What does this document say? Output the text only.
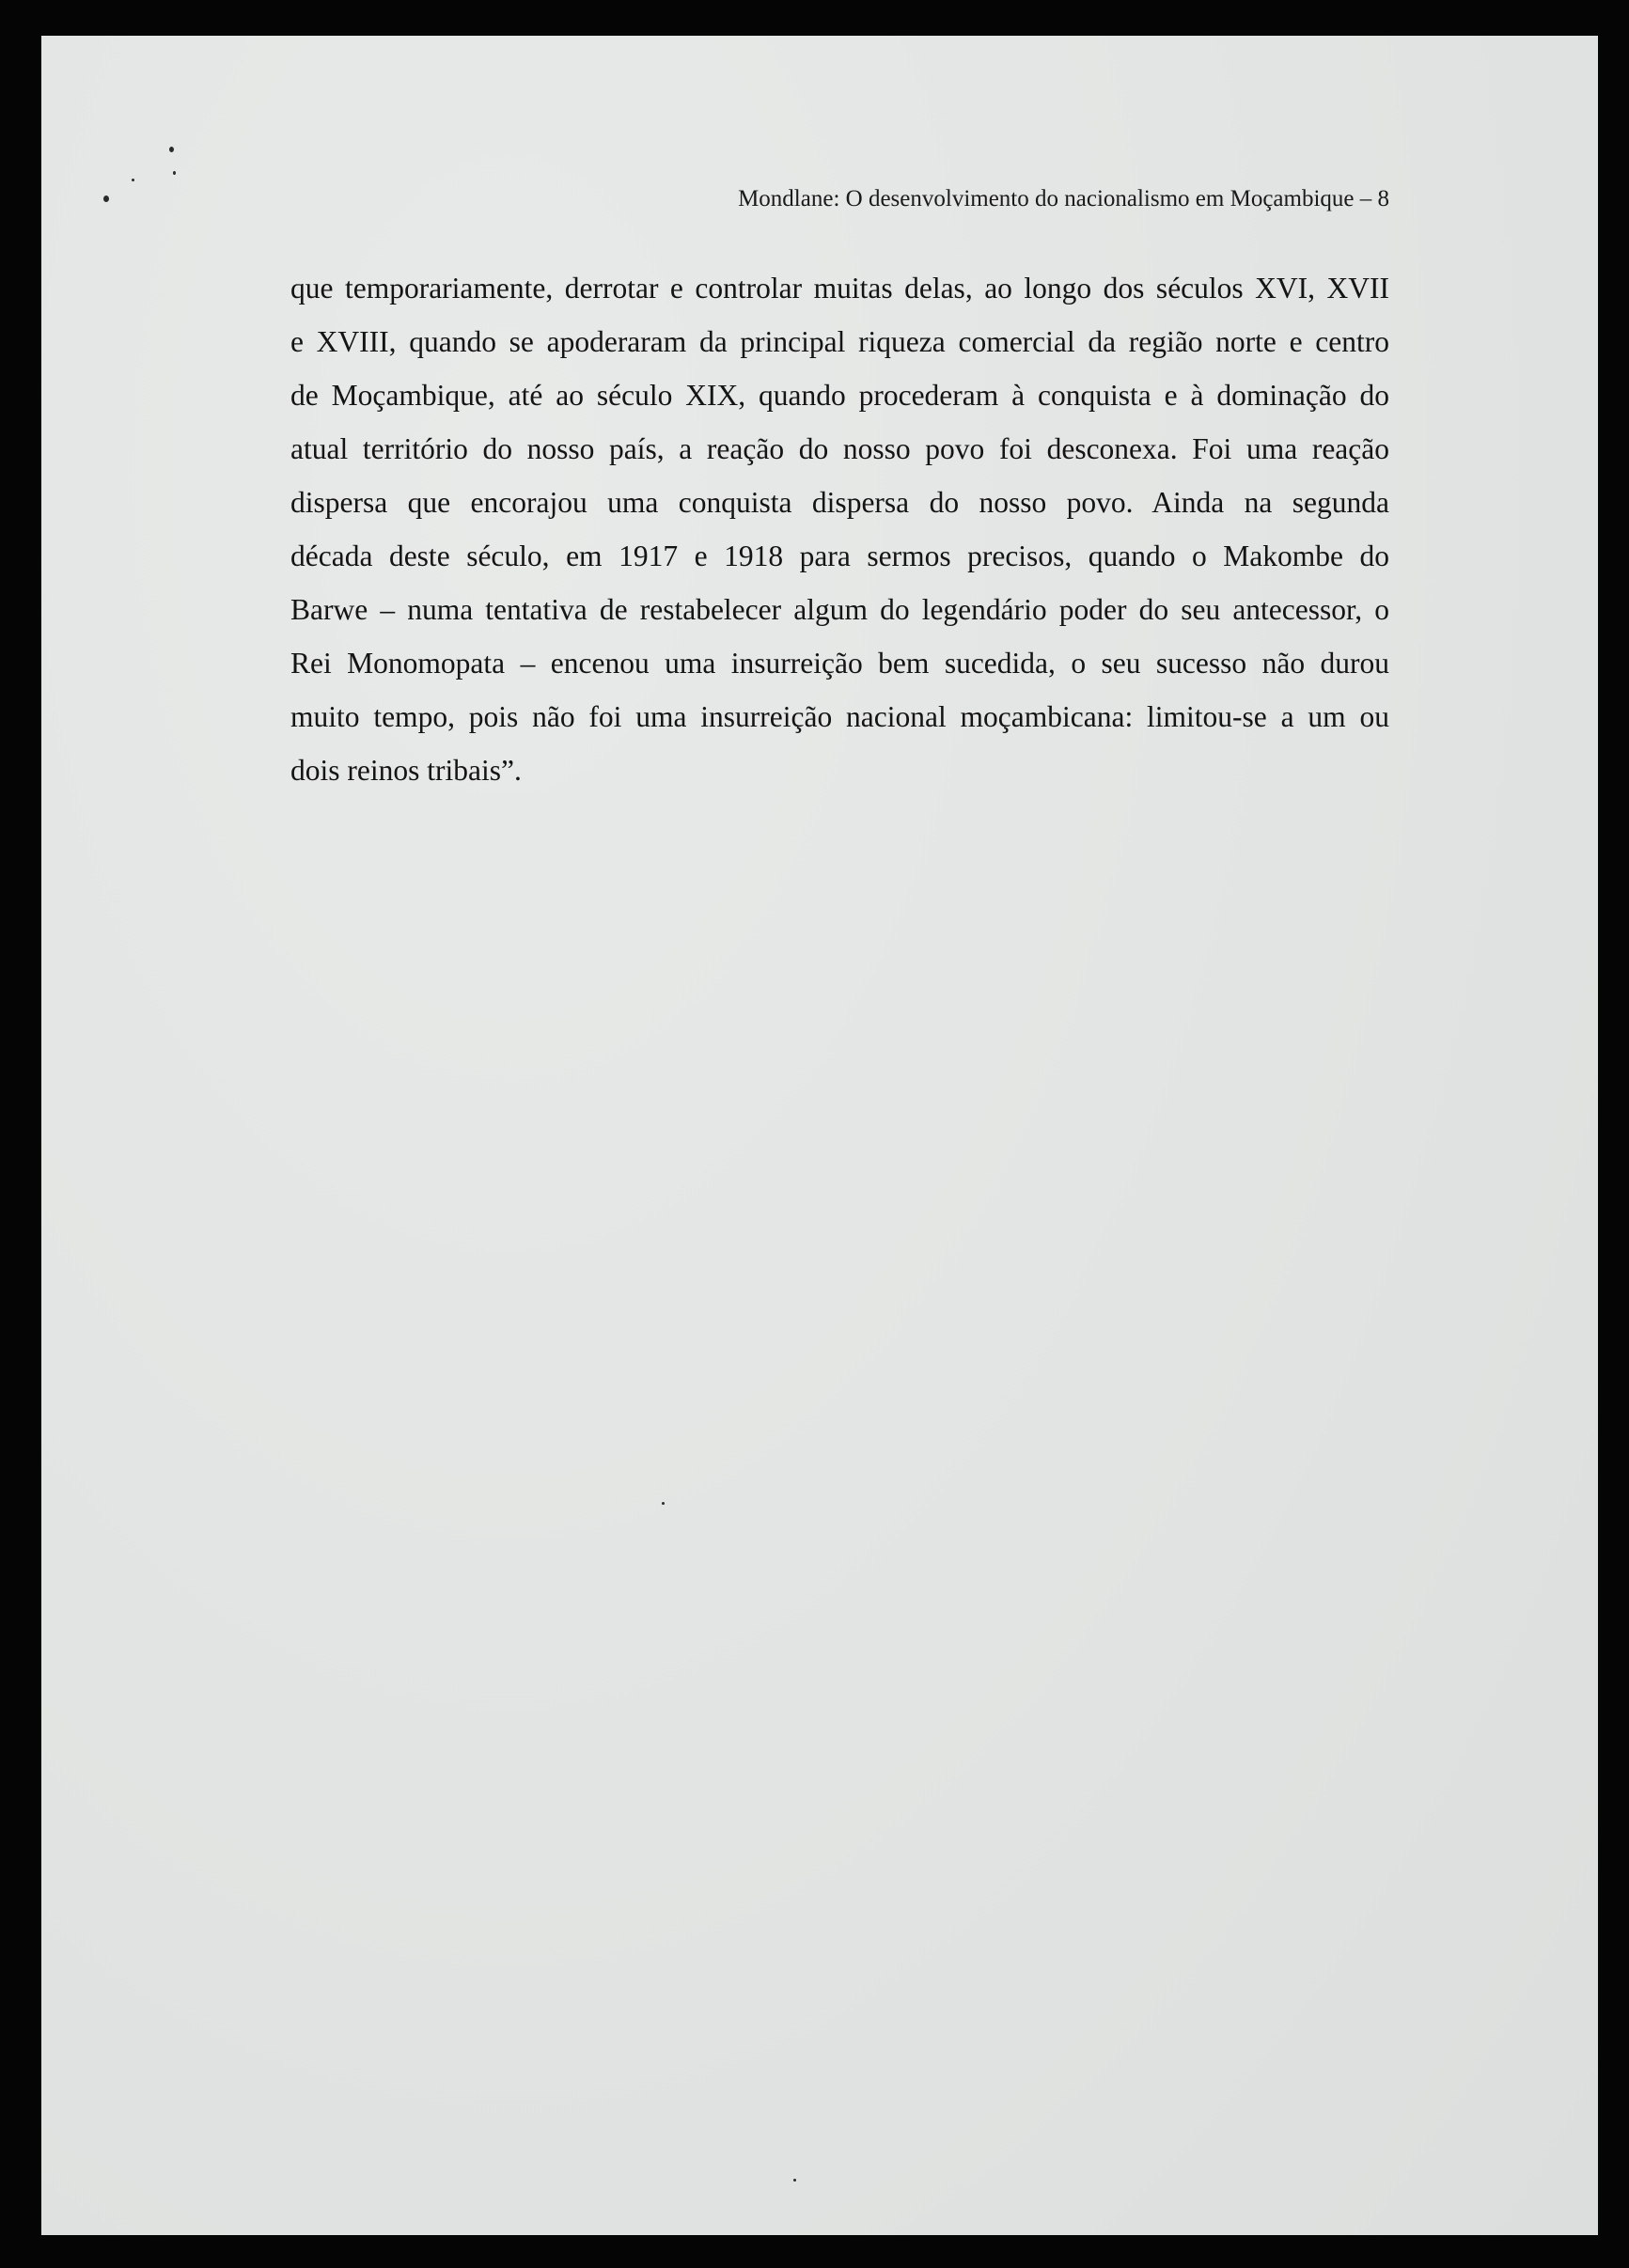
Mondlane: O desenvolvimento do nacionalismo em Moçambique – 8
que temporariamente, derrotar e controlar muitas delas, ao longo dos séculos XVI, XVII
e XVIII, quando se apoderaram da principal riqueza comercial da região norte e centro
de Moçambique, até ao século XIX, quando procederam à conquista e à dominação do
atual território do nosso país, a reação do nosso povo foi desconexa. Foi uma reação
dispersa que encorajou uma conquista dispersa do nosso povo. Ainda na segunda
década deste século, em 1917 e 1918 para sermos precisos, quando o Makombe do
Barwe – numa tentativa de restabelecer algum do legendário poder do seu antecessor, o
Rei Monomopata – encenou uma insurreição bem sucedida, o seu sucesso não durou
muito tempo, pois não foi uma insurreição nacional moçambicana: limitou-se a um ou
dois reinos tribais”.
